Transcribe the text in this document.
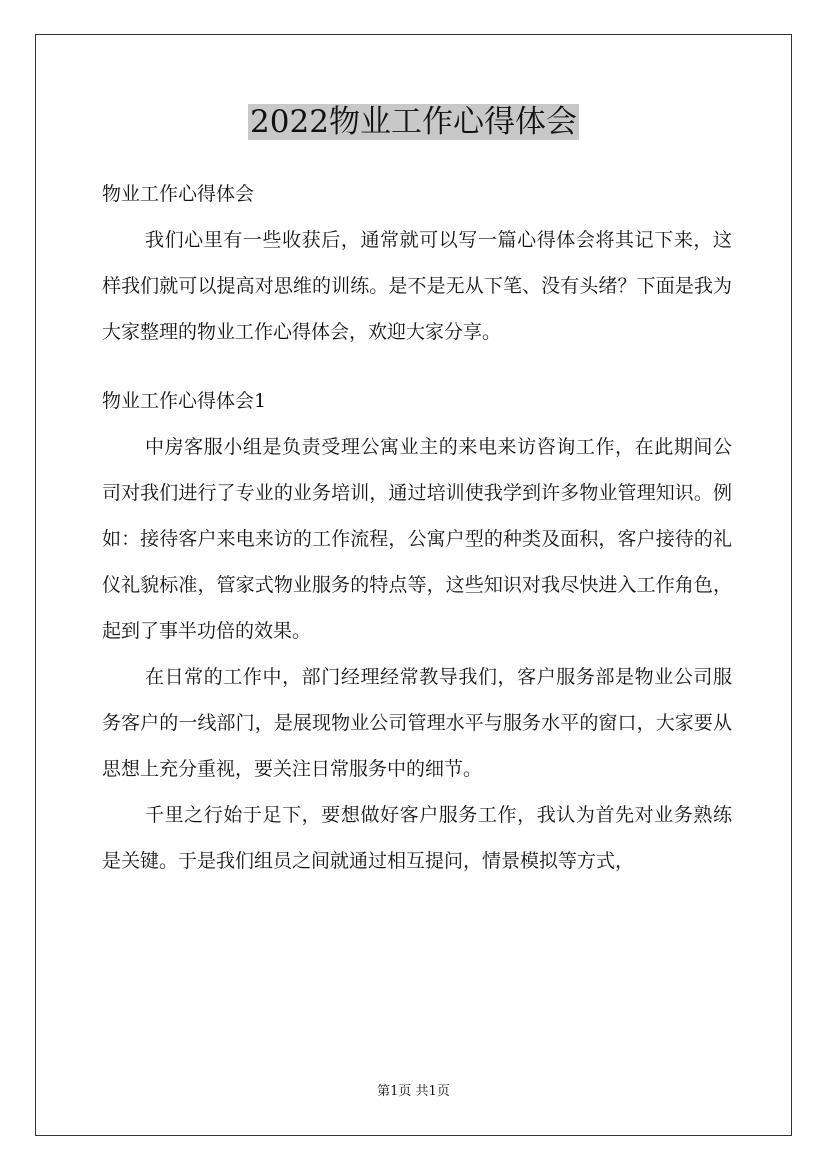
2022物业工作心得体会

物业工作心得体会

我们心里有一些收获后，通常就可以写一篇心得体会将其记下来，这样我们就可以提高对思维的训练。是不是无从下笔、没有头绪？下面是我为大家整理的物业工作心得体会，欢迎大家分享。

物业工作心得体会1

中房客服小组是负责受理公寓业主的来电来访咨询工作，在此期间公司对我们进行了专业的业务培训，通过培训使我学到许多物业管理知识。例如：接待客户来电来访的工作流程，公寓户型的种类及面积，客户接待的礼仪礼貌标准，管家式物业服务的特点等，这些知识对我尽快进入工作角色，起到了事半功倍的效果。

在日常的工作中，部门经理经常教导我们，客户服务部是物业公司服务客户的一线部门，是展现物业公司管理水平与服务水平的窗口，大家要从思想上充分重视，要关注日常服务中的细节。

千里之行始于足下，要想做好客户服务工作，我认为首先对业务熟练是关键。于是我们组员之间就通过相互提问，情景模拟等方式，

第1页 共1页
